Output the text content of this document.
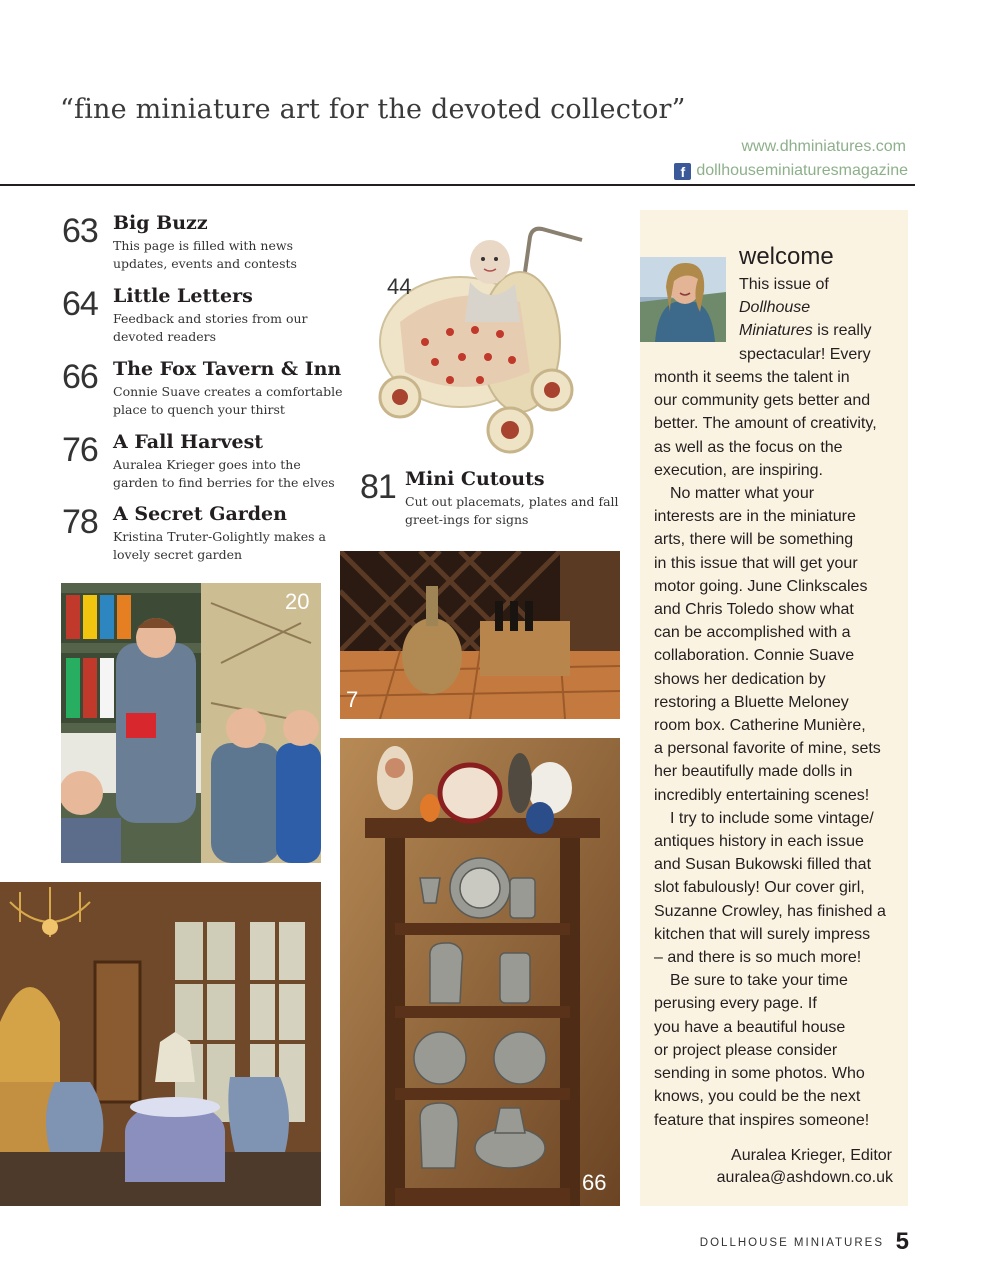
“fine miniature art for the devoted collector”
www.dhminiatures.com
f dollhouseminiaturesmagazine
63 Big Buzz
This page is filled with news updates, events and contests
64 Little Letters
Feedback and stories from our devoted readers
66 The Fox Tavern & Inn
Connie Suave creates a comfortable place to quench your thirst
76 A Fall Harvest
Auralea Krieger goes into the garden to find berries for the elves
78 A Secret Garden
Kristina Truter-Golightly makes a lovely secret garden
81 Mini Cutouts
Cut out placemats, plates and fall greet-ings for signs
44
20
7
66
welcome
This issue of
Dollhouse
Miniatures is really
spectacular! Every
month it seems the talent in
our community gets better and
better. The amount of creativity,
as well as the focus on the
execution, are inspiring.
 No matter what your
interests are in the miniature
arts, there will be something
in this issue that will get your
motor going. June Clinkscales
and Chris Toledo show what
can be accomplished with a
collaboration. Connie Suave
shows her dedication by
restoring a Bluette Meloney
room box. Catherine Munière,
a personal favorite of mine, sets
her beautifully made dolls in
incredibly entertaining scenes!
 I try to include some vintage/
antiques history in each issue
and Susan Bukowski filled that
slot fabulously! Our cover girl,
Suzanne Crowley, has finished a
kitchen that will surely impress
– and there is so much more!
 Be sure to take your time
perusing every page. If
you have a beautiful house
or project please consider
sending in some photos. Who
knows, you could be the next
feature that inspires someone!
Auralea Krieger, Editor
auralea@ashdown.co.uk
DOLLHOUSE MINIATURES 5
